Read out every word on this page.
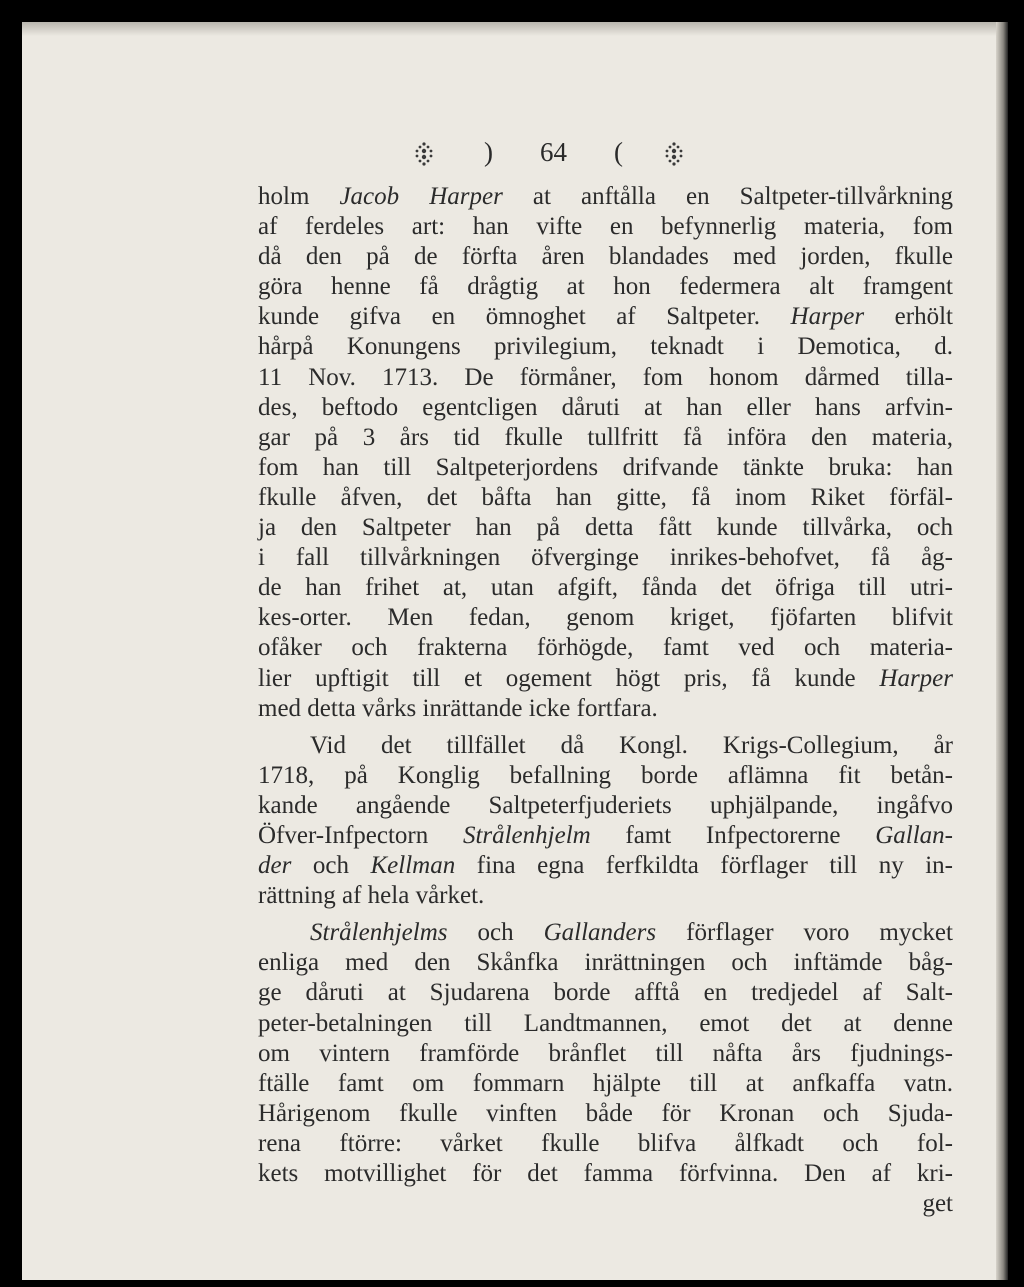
) 64 (
holm Jacob Harper at anftålla en Saltpeter-tillvårkning
af ferdeles art: han vifte en befynnerlig materia, fom
då den på de förfta åren blandades med jorden, fkulle
göra henne få drågtig at hon federmera alt framgent
kunde gifva en ömnoghet af Saltpeter. Harper erhölt
hårpå Konungens privilegium, teknadt i Demotica, d.
11 Nov. 1713. De förmåner, fom honom dårmed tilla-
des, beftodo egentcligen dåruti at han eller hans arfvin-
gar på 3 års tid fkulle tullfritt få införa den materia,
fom han till Saltpeterjordens drifvande tänkte bruka: han
fkulle åfven, det båfta han gitte, få inom Riket förfäl-
ja den Saltpeter han på detta fått kunde tillvårka, och
i fall tillvårkningen öfverginge inrikes-behofvet, få åg-
de han frihet at, utan afgift, fånda det öfriga till utri-
kes-orter. Men fedan, genom kriget, fjöfarten blifvit
ofåker och frakterna förhögde, famt ved och materia-
lier upftigit till et ogement högt pris, få kunde Harper
med detta vårks inrättande icke fortfara.
Vid det tillfället då Kongl. Krigs-Collegium, år
1718, på Konglig befallning borde aflämna fit betån-
kande angående Saltpeterfjuderiets uphjälpande, ingåfvo
Öfver-Infpectorn Strålenhjelm famt Infpectorerne Gallan-
der och Kellman fina egna ferfkildta förflager till ny in-
rättning af hela vårket.
Strålenhjelms och Gallanders förflager voro mycket
enliga med den Skånfka inrättningen och inftämde båg-
ge dåruti at Sjudarena borde afftå en tredjedel af Salt-
peter-betalningen till Landtmannen, emot det at denne
om vintern framförde brånflet till nåfta års fjudnings-
ftälle famt om fommarn hjälpte till at anfkaffa vatn.
Hårigenom fkulle vinften både för Kronan och Sjuda-
rena ftörre: vårket fkulle blifva ålfkadt och fol-
kets motvillighet för det famma förfvinna. Den af kri-
get
